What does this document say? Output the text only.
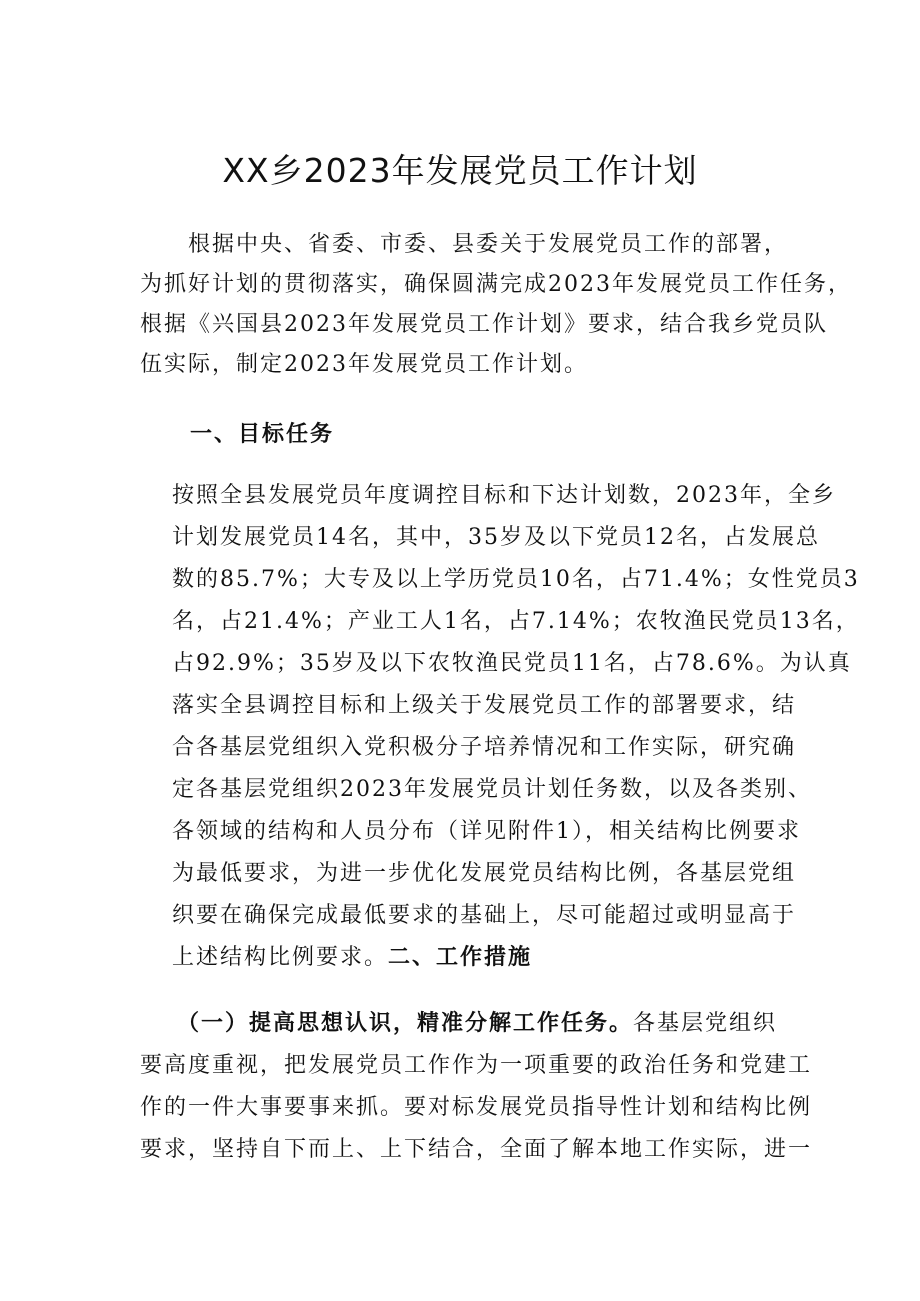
XX乡2023年发展党员工作计划
　　根据中央、省委、市委、县委关于发展党员工作的部署，
为抓好计划的贯彻落实，确保圆满完成2023年发展党员工作任务，
根据《兴国县2023年发展党员工作计划》要求，结合我乡党员队
伍实际，制定2023年发展党员工作计划。
一、目标任务
按照全县发展党员年度调控目标和下达计划数，2023年，全乡
计划发展党员14名，其中，35岁及以下党员12名，占发展总
数的85.7%；大专及以上学历党员10名，占71.4%；女性党员3
名，占21.4%；产业工人1名，占7.14%；农牧渔民党员13名，
占92.9%；35岁及以下农牧渔民党员11名，占78.6%。为认真
落实全县调控目标和上级关于发展党员工作的部署要求，结
合各基层党组织入党积极分子培养情况和工作实际，研究确
定各基层党组织2023年发展党员计划任务数，以及各类别、
各领域的结构和人员分布（详见附件1），相关结构比例要求
为最低要求，为进一步优化发展党员结构比例，各基层党组
织要在确保完成最低要求的基础上，尽可能超过或明显高于
上述结构比例要求。二、工作措施
　　（一）提高思想认识，精准分解工作任务。各基层党组织
要高度重视，把发展党员工作作为一项重要的政治任务和党建工
作的一件大事要事来抓。要对标发展党员指导性计划和结构比例
要求，坚持自下而上、上下结合，全面了解本地工作实际，进一
